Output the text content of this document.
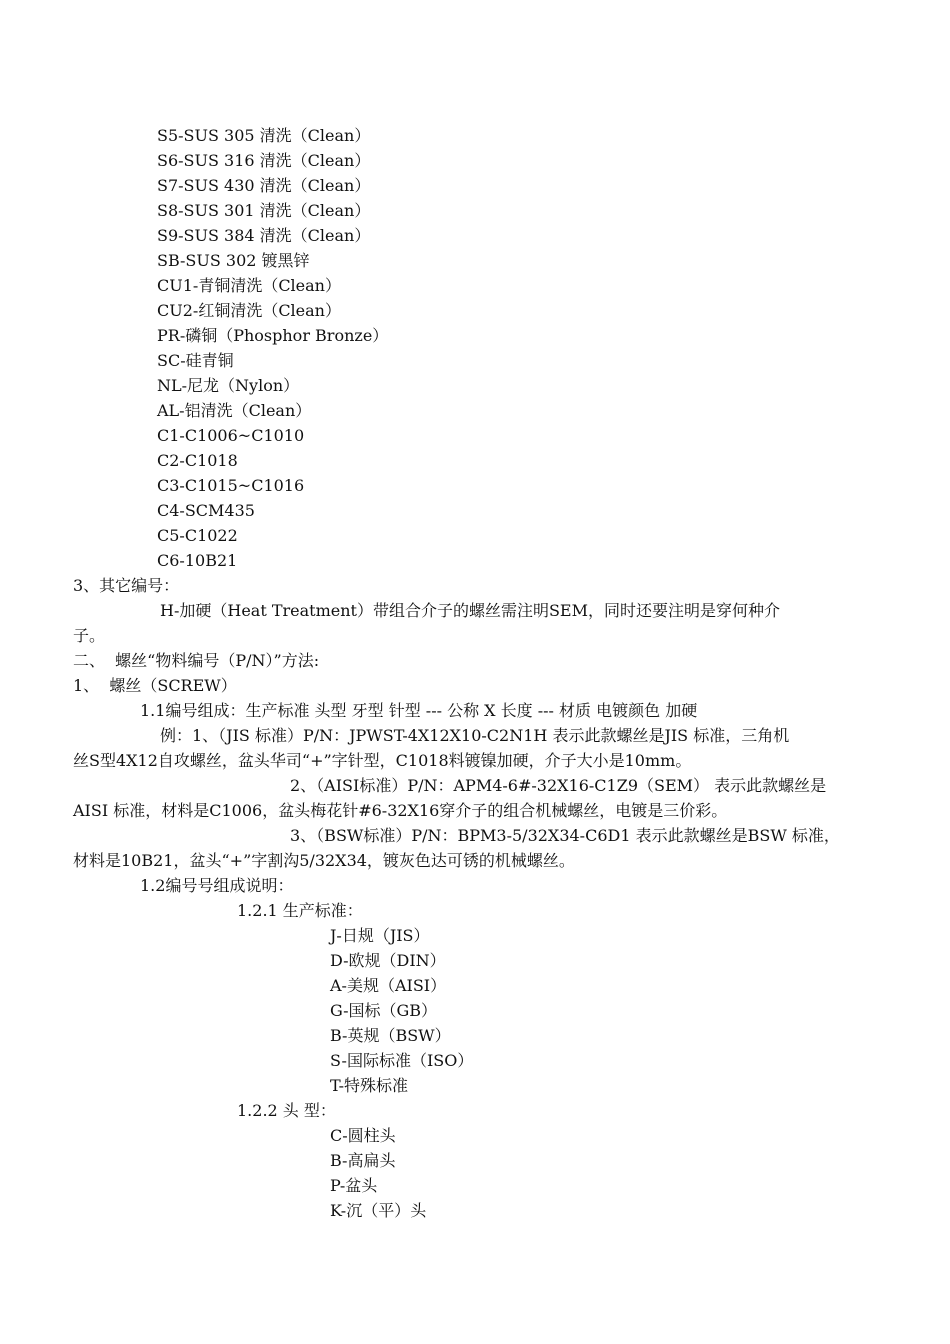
S5-SUS 305 清洗（Clean）
S6-SUS 316 清洗（Clean）
S7-SUS 430 清洗（Clean）
S8-SUS 301 清洗（Clean）
S9-SUS 384 清洗（Clean）
SB-SUS 302 镀黑锌
CU1-青铜清洗（Clean）
CU2-红铜清洗（Clean）
PR-磷铜（Phosphor Bronze）
SC-硅青铜
NL-尼龙（Nylon）
AL-铝清洗（Clean）
C1-C1006~C1010
C2-C1018
C3-C1015~C1016
C4-SCM435
C5-C1022
C6-10B21
3、其它编号：
H-加硬（Heat Treatment）带组合介子的螺丝需注明SEM，同时还要注明是穿何种介
子。
二、  螺丝“物料编号（P/N）”方法:
1、  螺丝（SCREW）
1.1编号组成：生产标准 头型 牙型 针型 --- 公称 X 长度 --- 材质 电镀颜色 加硬
例：1、（JIS 标准）P/N：JPWST-4X12X10-C2N1H 表示此款螺丝是JIS 标准，三角机
丝S型4X12自攻螺丝，盆头华司“+”字针型，C1018料镀镍加硬，介子大小是10mm。
2、（AISI标准）P/N：APM4-6#-32X16-C1Z9（SEM） 表示此款螺丝是
AISI 标准，材料是C1006，盆头梅花针#6-32X16穿介子的组合机械螺丝，电镀是三价彩。
3、（BSW标准）P/N：BPM3-5/32X34-C6D1 表示此款螺丝是BSW 标准，
材料是10B21，盆头“+”字割沟5/32X34，镀灰色达可锈的机械螺丝。
1.2编号号组成说明：
1.2.1 生产标准：
J-日规（JIS）
D-欧规（DIN）
A-美规（AISI）
G-国标（GB）
B-英规（BSW）
S-国际标准（ISO）
T-特殊标准
1.2.2 头 型：
C-圆柱头
B-高扁头
P-盆头
K-沉（平）头
